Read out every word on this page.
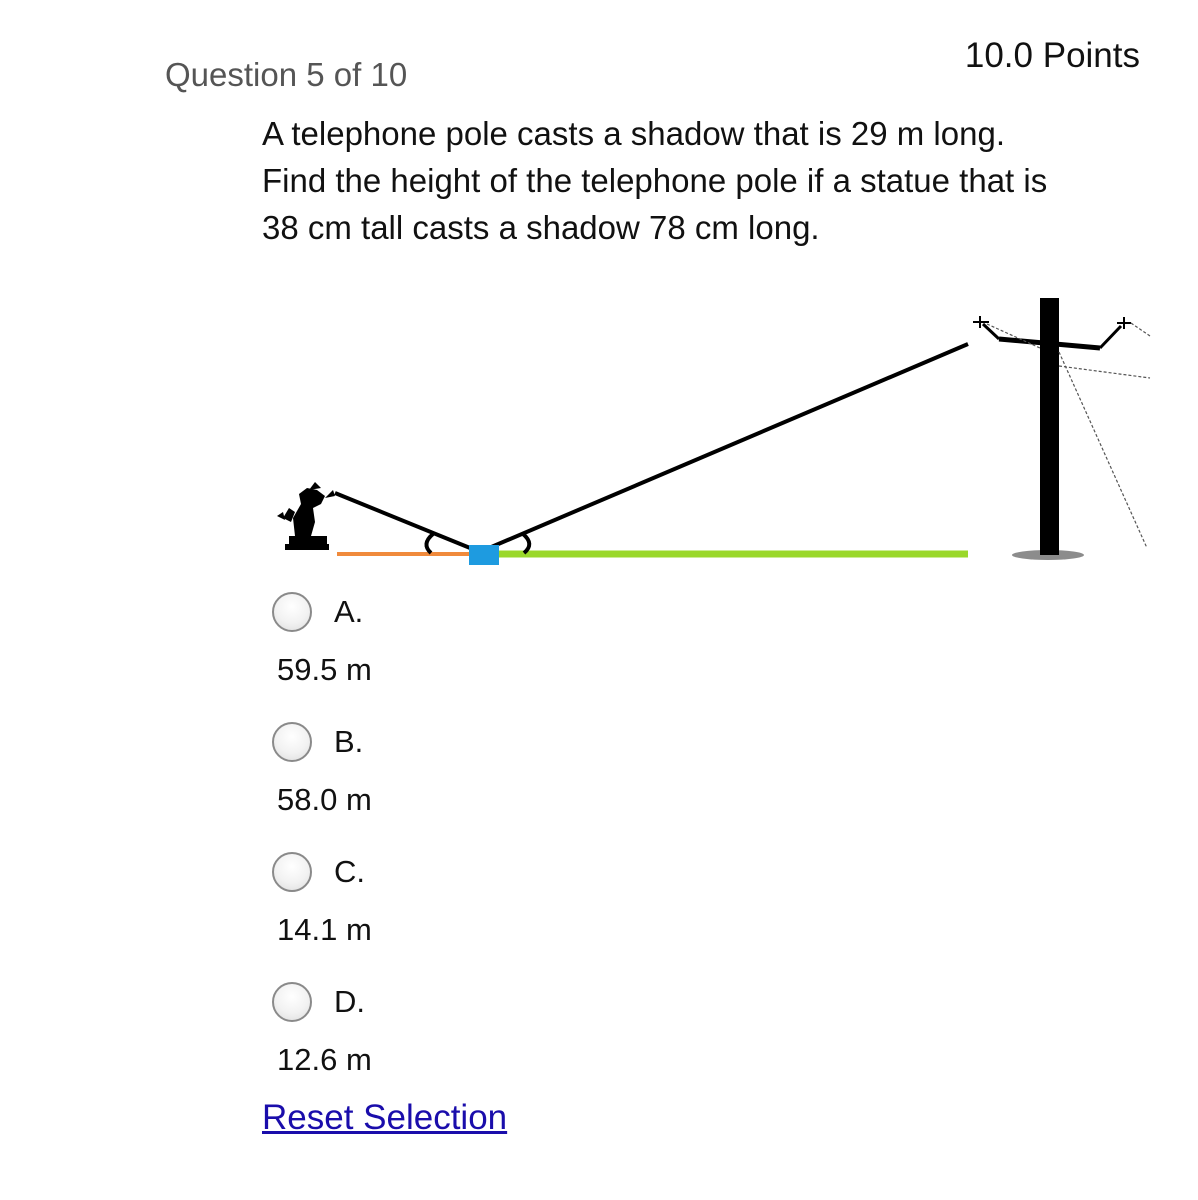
10.0 Points
Question 5 of 10
A telephone pole casts a shadow that is 29 m long.
Find the height of the telephone pole if a statue that is
38 cm tall casts a shadow 78 cm long.
A.
59.5 m
B.
58.0 m
C.
14.1 m
D.
12.6 m
Reset Selection
